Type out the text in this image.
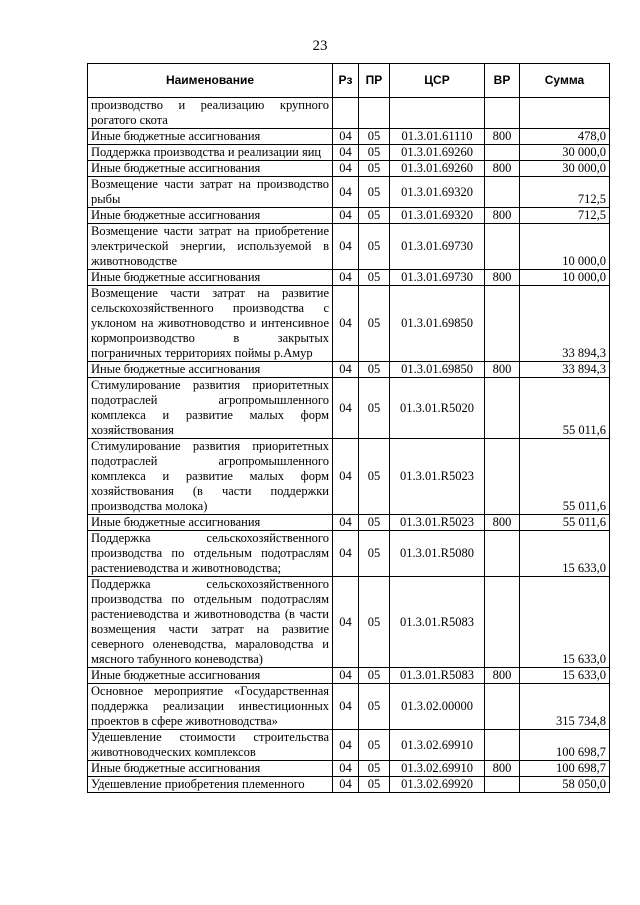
23
Наименование	Рз	ПР	ЦСР	ВР	Сумма
производство и реализацию крупного рогатого скота					
Иные бюджетные ассигнования	04	05	01.3.01.61110	800	478,0
Поддержка производства и реализации яиц	04	05	01.3.01.69260		30 000,0
Иные бюджетные ассигнования	04	05	01.3.01.69260	800	30 000,0
Возмещение части затрат на производство рыбы	04	05	01.3.01.69320		712,5
Иные бюджетные ассигнования	04	05	01.3.01.69320	800	712,5
Возмещение части затрат на приобретение электрической энергии, используемой в животноводстве	04	05	01.3.01.69730		10 000,0
Иные бюджетные ассигнования	04	05	01.3.01.69730	800	10 000,0
Возмещение части затрат на развитие сельскохозяйственного производства с уклоном на животноводство и интенсивное кормопроизводство в закрытых пограничных территориях поймы р.Амур	04	05	01.3.01.69850		33 894,3
Иные бюджетные ассигнования	04	05	01.3.01.69850	800	33 894,3
Стимулирование развития приоритетных подотраслей агропромышленного комплекса и развитие малых форм хозяйствования	04	05	01.3.01.R5020		55 011,6
Стимулирование развития приоритетных подотраслей агропромышленного комплекса и развитие малых форм хозяйствования (в части поддержки производства молока)	04	05	01.3.01.R5023		55 011,6
Иные бюджетные ассигнования	04	05	01.3.01.R5023	800	55 011,6
Поддержка сельскохозяйственного производства по отдельным подотраслям растениеводства и животноводства;	04	05	01.3.01.R5080		15 633,0
Поддержка сельскохозяйственного производства по отдельным подотраслям растениеводства и животноводства (в части возмещения части затрат на развитие северного оленеводства, мараловодства и мясного табунного коневодства)	04	05	01.3.01.R5083		15 633,0
Иные бюджетные ассигнования	04	05	01.3.01.R5083	800	15 633,0
Основное мероприятие «Государственная поддержка реализации инвестиционных проектов в сфере животноводства»	04	05	01.3.02.00000		315 734,8
Удешевление стоимости строительства животноводческих комплексов	04	05	01.3.02.69910		100 698,7
Иные бюджетные ассигнования	04	05	01.3.02.69910	800	100 698,7
Удешевление приобретения племенного	04	05	01.3.02.69920		58 050,0
